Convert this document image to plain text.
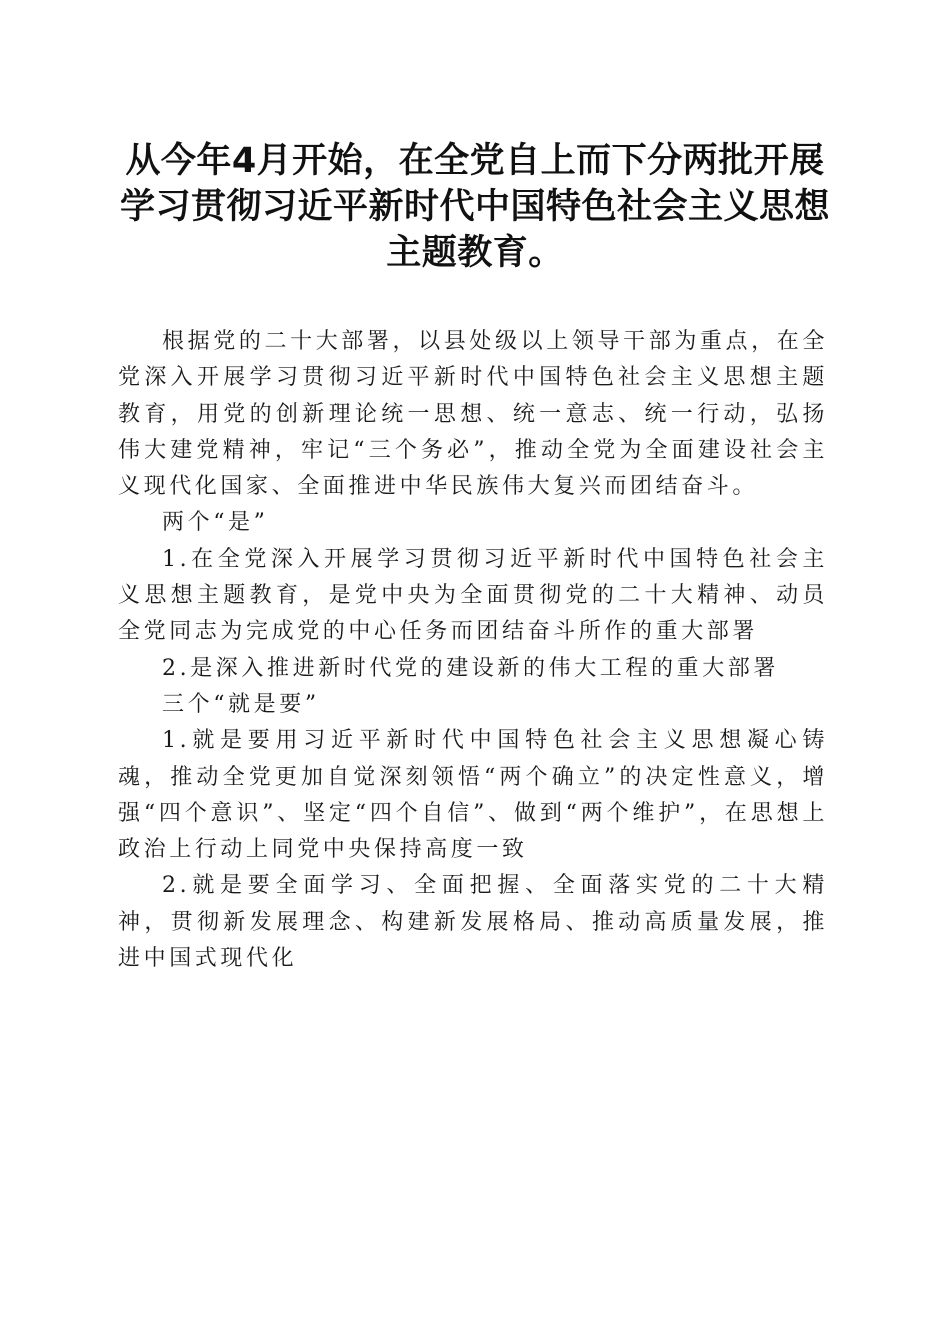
从今年4月开始，在全党自上而下分两批开展学习贯彻习近平新时代中国特色社会主义思想主题教育。

根据党的二十大部署，以县处级以上领导干部为重点，在全党深入开展学习贯彻习近平新时代中国特色社会主义思想主题教育，用党的创新理论统一思想、统一意志、统一行动，弘扬伟大建党精神，牢记“三个务必”，推动全党为全面建设社会主义现代化国家、全面推进中华民族伟大复兴而团结奋斗。

两个“是”

1.在全党深入开展学习贯彻习近平新时代中国特色社会主义思想主题教育，是党中央为全面贯彻党的二十大精神、动员全党同志为完成党的中心任务而团结奋斗所作的重大部署

2.是深入推进新时代党的建设新的伟大工程的重大部署

三个“就是要”

1.就是要用习近平新时代中国特色社会主义思想凝心铸魂，推动全党更加自觉深刻领悟“两个确立”的决定性意义，增强“四个意识”、坚定“四个自信”、做到“两个维护”，在思想上政治上行动上同党中央保持高度一致

2.就是要全面学习、全面把握、全面落实党的二十大精神，贯彻新发展理念、构建新发展格局、推动高质量发展，推进中国式现代化
